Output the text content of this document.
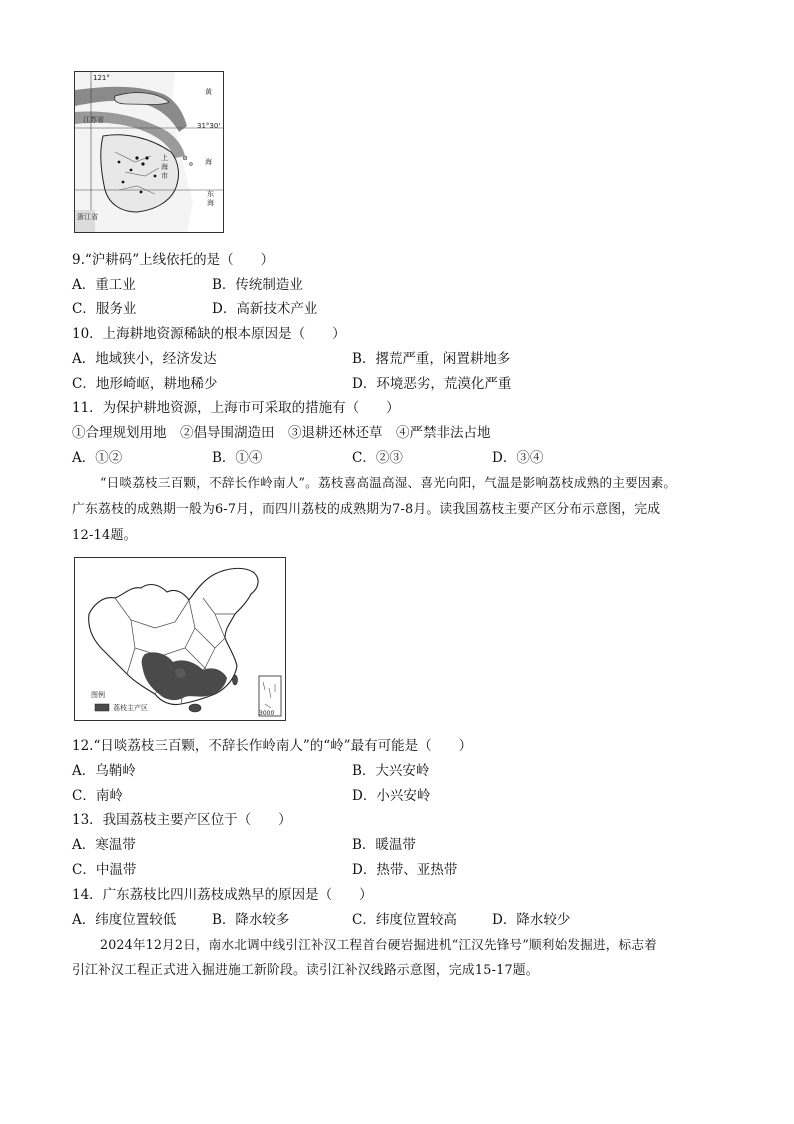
121°
31°30'
江苏省
浙江省
上海市
黄
海
东海
9.“沪耕码”上线依托的是（　　）
A．重工业	B．传统制造业
C．服务业	D．高新技术产业
10．上海耕地资源稀缺的根本原因是（　　）
A．地域狭小，经济发达	B．撂荒严重，闲置耕地多
C．地形崎岖，耕地稀少	D．环境恶劣，荒漠化严重
11．为保护耕地资源，上海市可采取的措施有（　　）
①合理规划用地　②倡导围湖造田　③退耕还林还草　④严禁非法占地
A．①②	B．①④	C．②③	D．③④
“日啖荔枝三百颗，不辞长作岭南人”。荔枝喜高温高湿、喜光向阳，气温是影响荔枝成熟的主要因素。
广东荔枝的成熟期一般为6-7月，而四川荔枝的成熟期为7-8月。读我国荔枝主要产区分布示意图，完成
12-14题。
图例
荔枝主产区
3000
12.“日啖荔枝三百颗，不辞长作岭南人”的“岭”最有可能是（　　）
A．乌鞘岭	B．大兴安岭
C．南岭	D．小兴安岭
13．我国荔枝主要产区位于（　　）
A．寒温带	B．暖温带
C．中温带	D．热带、亚热带
14．广东荔枝比四川荔枝成熟早的原因是（　　）
A．纬度位置较低	B．降水较多	C．纬度位置较高	D．降水较少
2024年12月2日，南水北调中线引江补汉工程首台硬岩掘进机“江汉先锋号”顺利始发掘进，标志着
引江补汉工程正式进入掘进施工新阶段。读引江补汉线路示意图，完成15-17题。
